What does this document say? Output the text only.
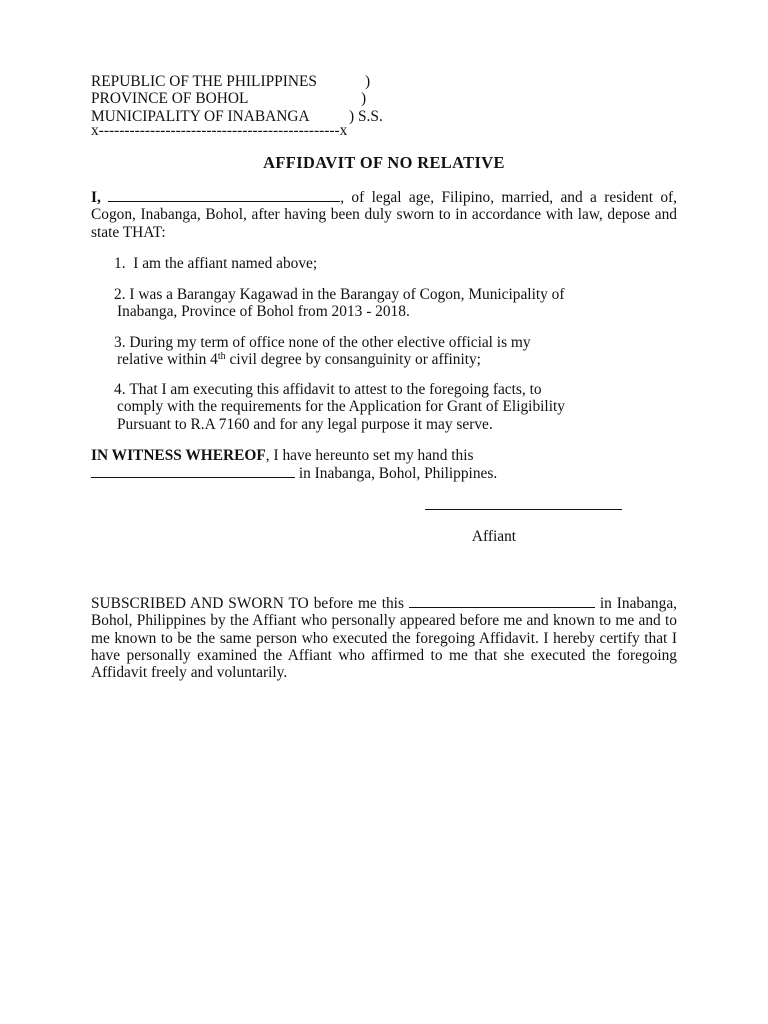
REPUBLIC OF THE PHILIPPINES	)
PROVINCE OF BOHOL	)
MUNICIPALITY OF INABANGA	) S.S.
x-----------------------------------------------x
AFFIDAVIT OF NO RELATIVE
I,	, of legal age, Filipino, married, and a resident of, Cogon, Inabanga, Bohol, after having been duly sworn to in accordance with law, depose and state THAT:
1. I am the affiant named above;
2. I was a Barangay Kagawad in the Barangay of Cogon, Municipality of
Inabanga, Province of Bohol from 2013 - 2018.
3. During my term of office none of the other elective official is my
relative within 4th civil degree by consanguinity or affinity;
4. That I am executing this affidavit to attest to the foregoing facts, to
comply with the requirements for the Application for Grant of Eligibility
Pursuant to R.A 7160 and for any legal purpose it may serve.
IN WITNESS WHEREOF, I have hereunto set my hand this
in Inabanga, Bohol, Philippines.
Affiant
SUBSCRIBED AND SWORN TO before me this	in Inabanga, Bohol, Philippines by the Affiant who personally appeared before me and known to me and to me known to be the same person who executed the foregoing Affidavit. I hereby certify that I have personally examined the Affiant who affirmed to me that she executed the foregoing Affidavit freely and voluntarily.
